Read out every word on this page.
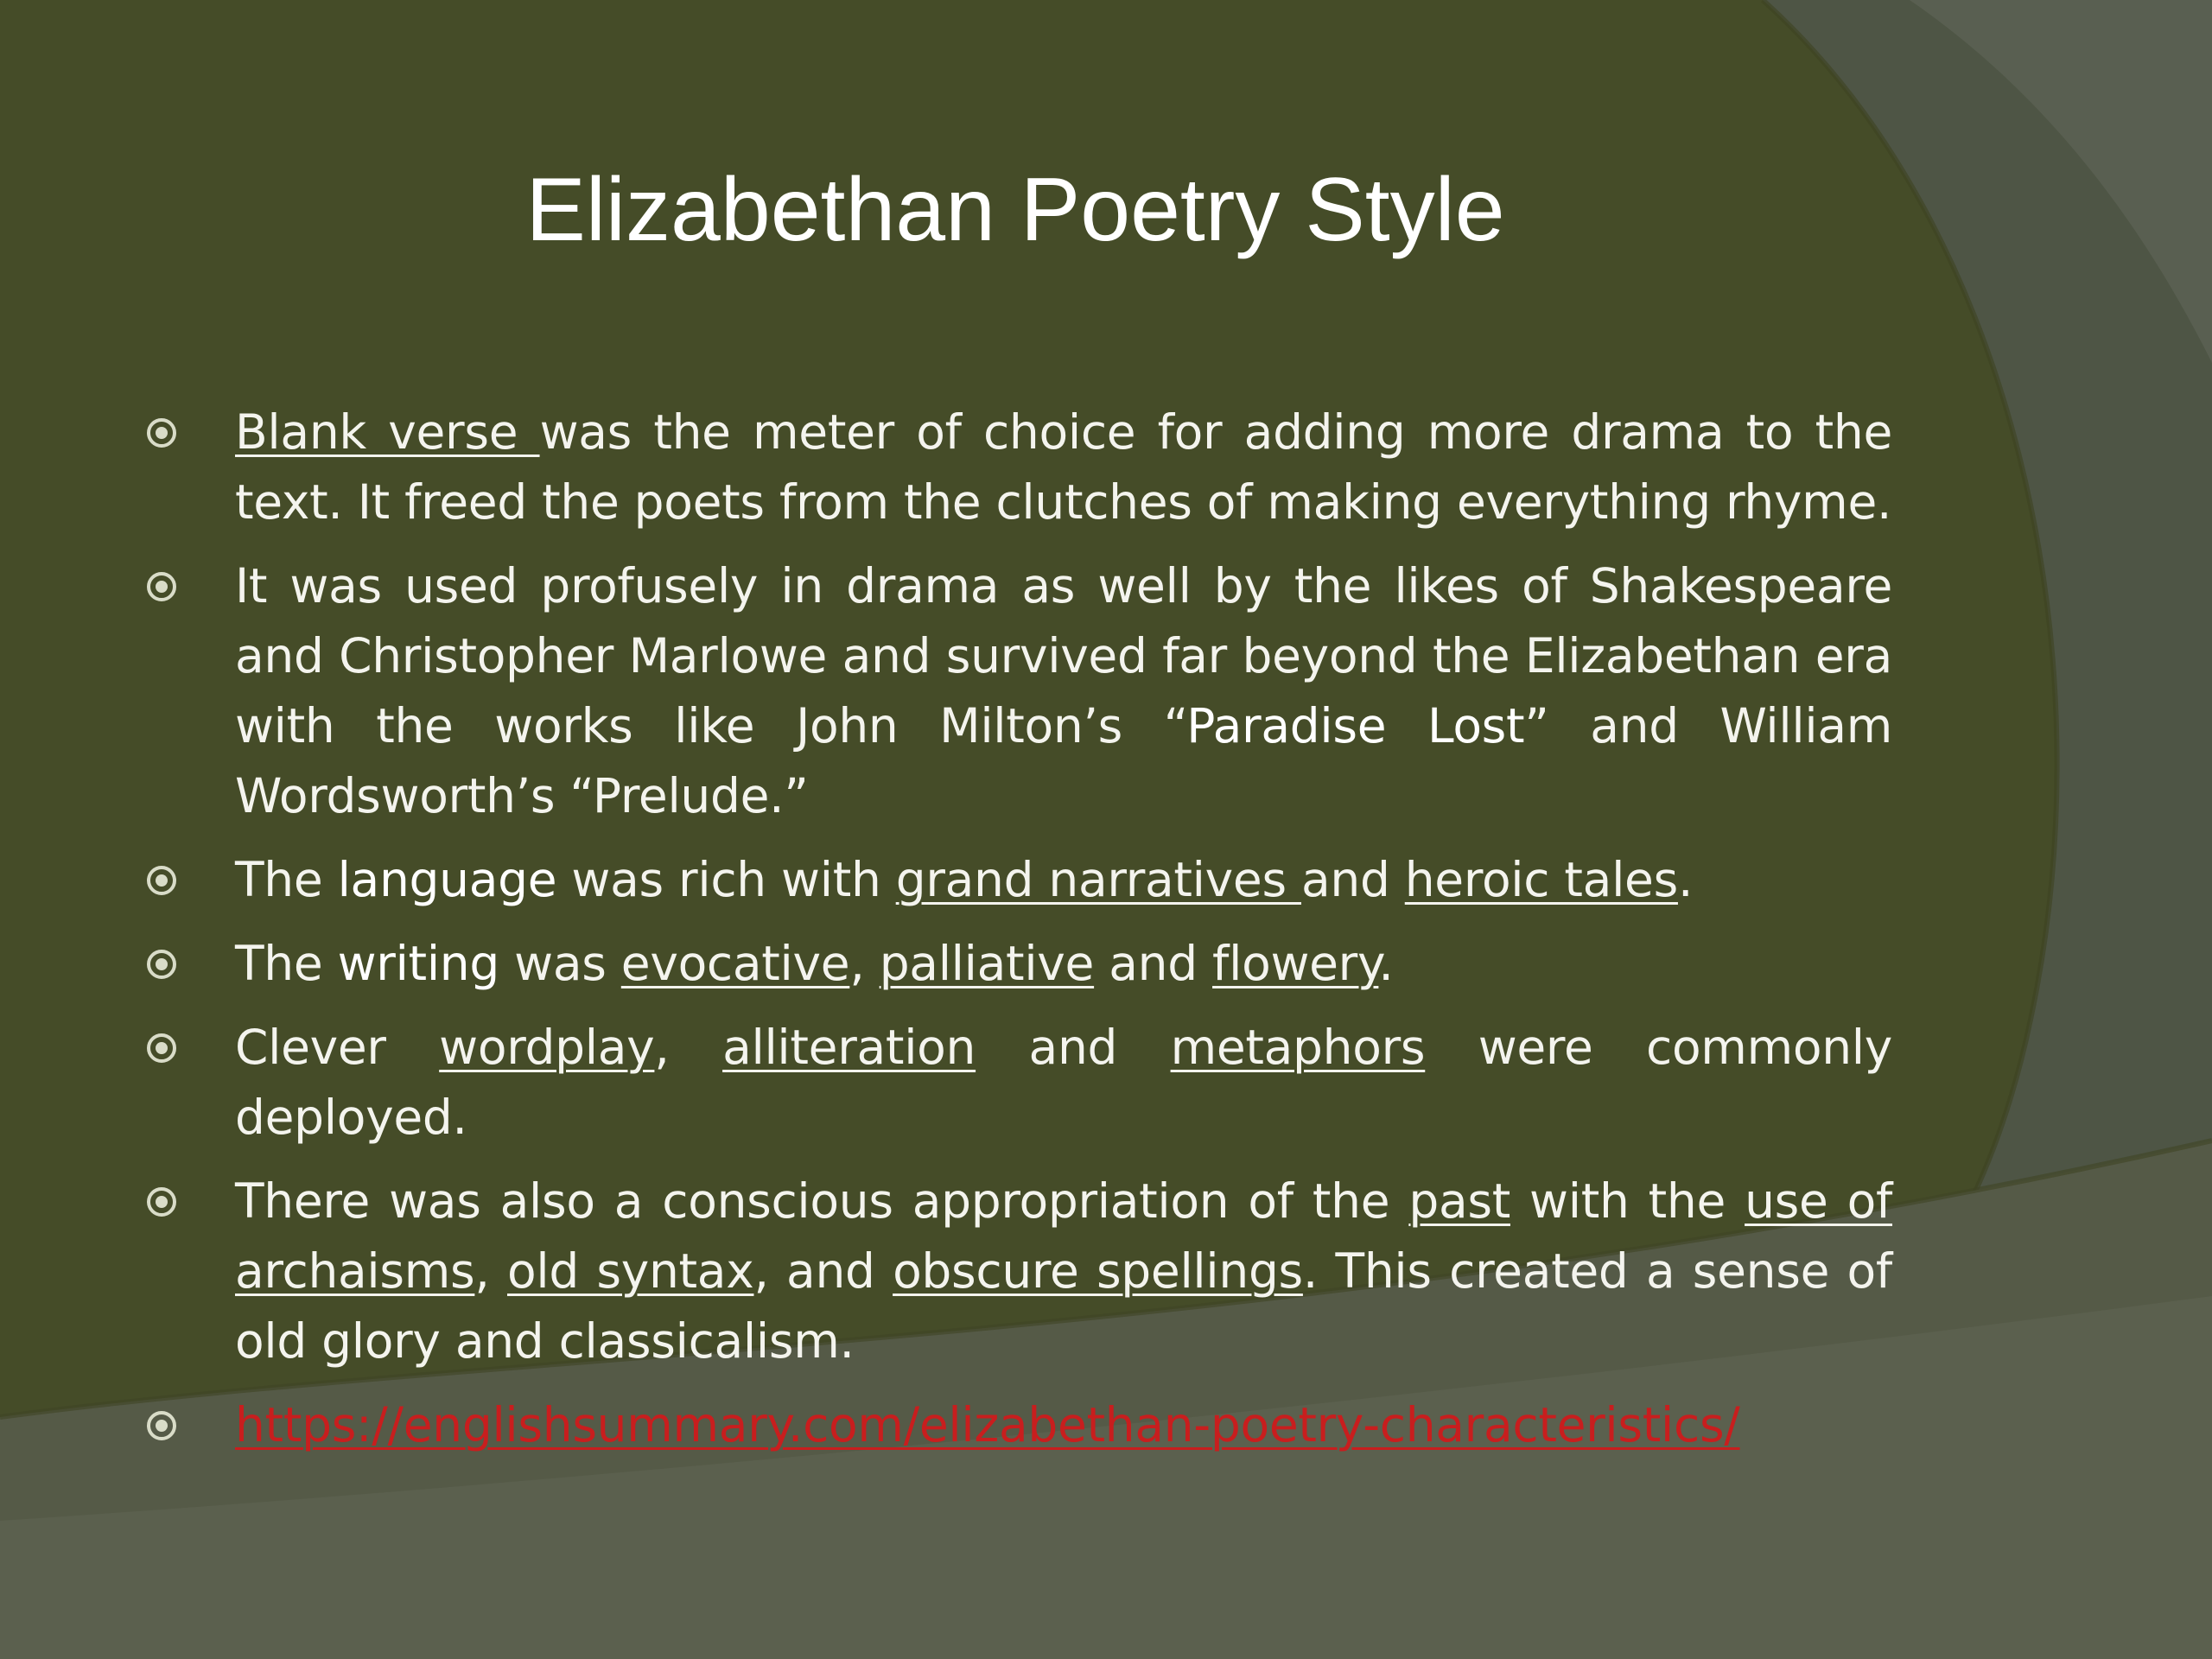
Elizabethan Poetry Style
Blank verse was the meter of choice for adding more drama to the text. It freed the poets from the clutches of making everything rhyme.
It was used profusely in drama as well by the likes of Shakespeare and Christopher Marlowe and survived far beyond the Elizabethan era with the works like John Milton’s “Paradise Lost” and William Wordsworth’s “Prelude.”
The language was rich with grand narratives and heroic tales.
The writing was evocative, palliative and flowery.
Clever wordplay, alliteration and metaphors were commonly deployed.
There was also a conscious appropriation of the past with the use of archaisms, old syntax, and obscure spellings. This created a sense of old glory and classicalism.
https://englishsummary.com/elizabethan-poetry-characteristics/
